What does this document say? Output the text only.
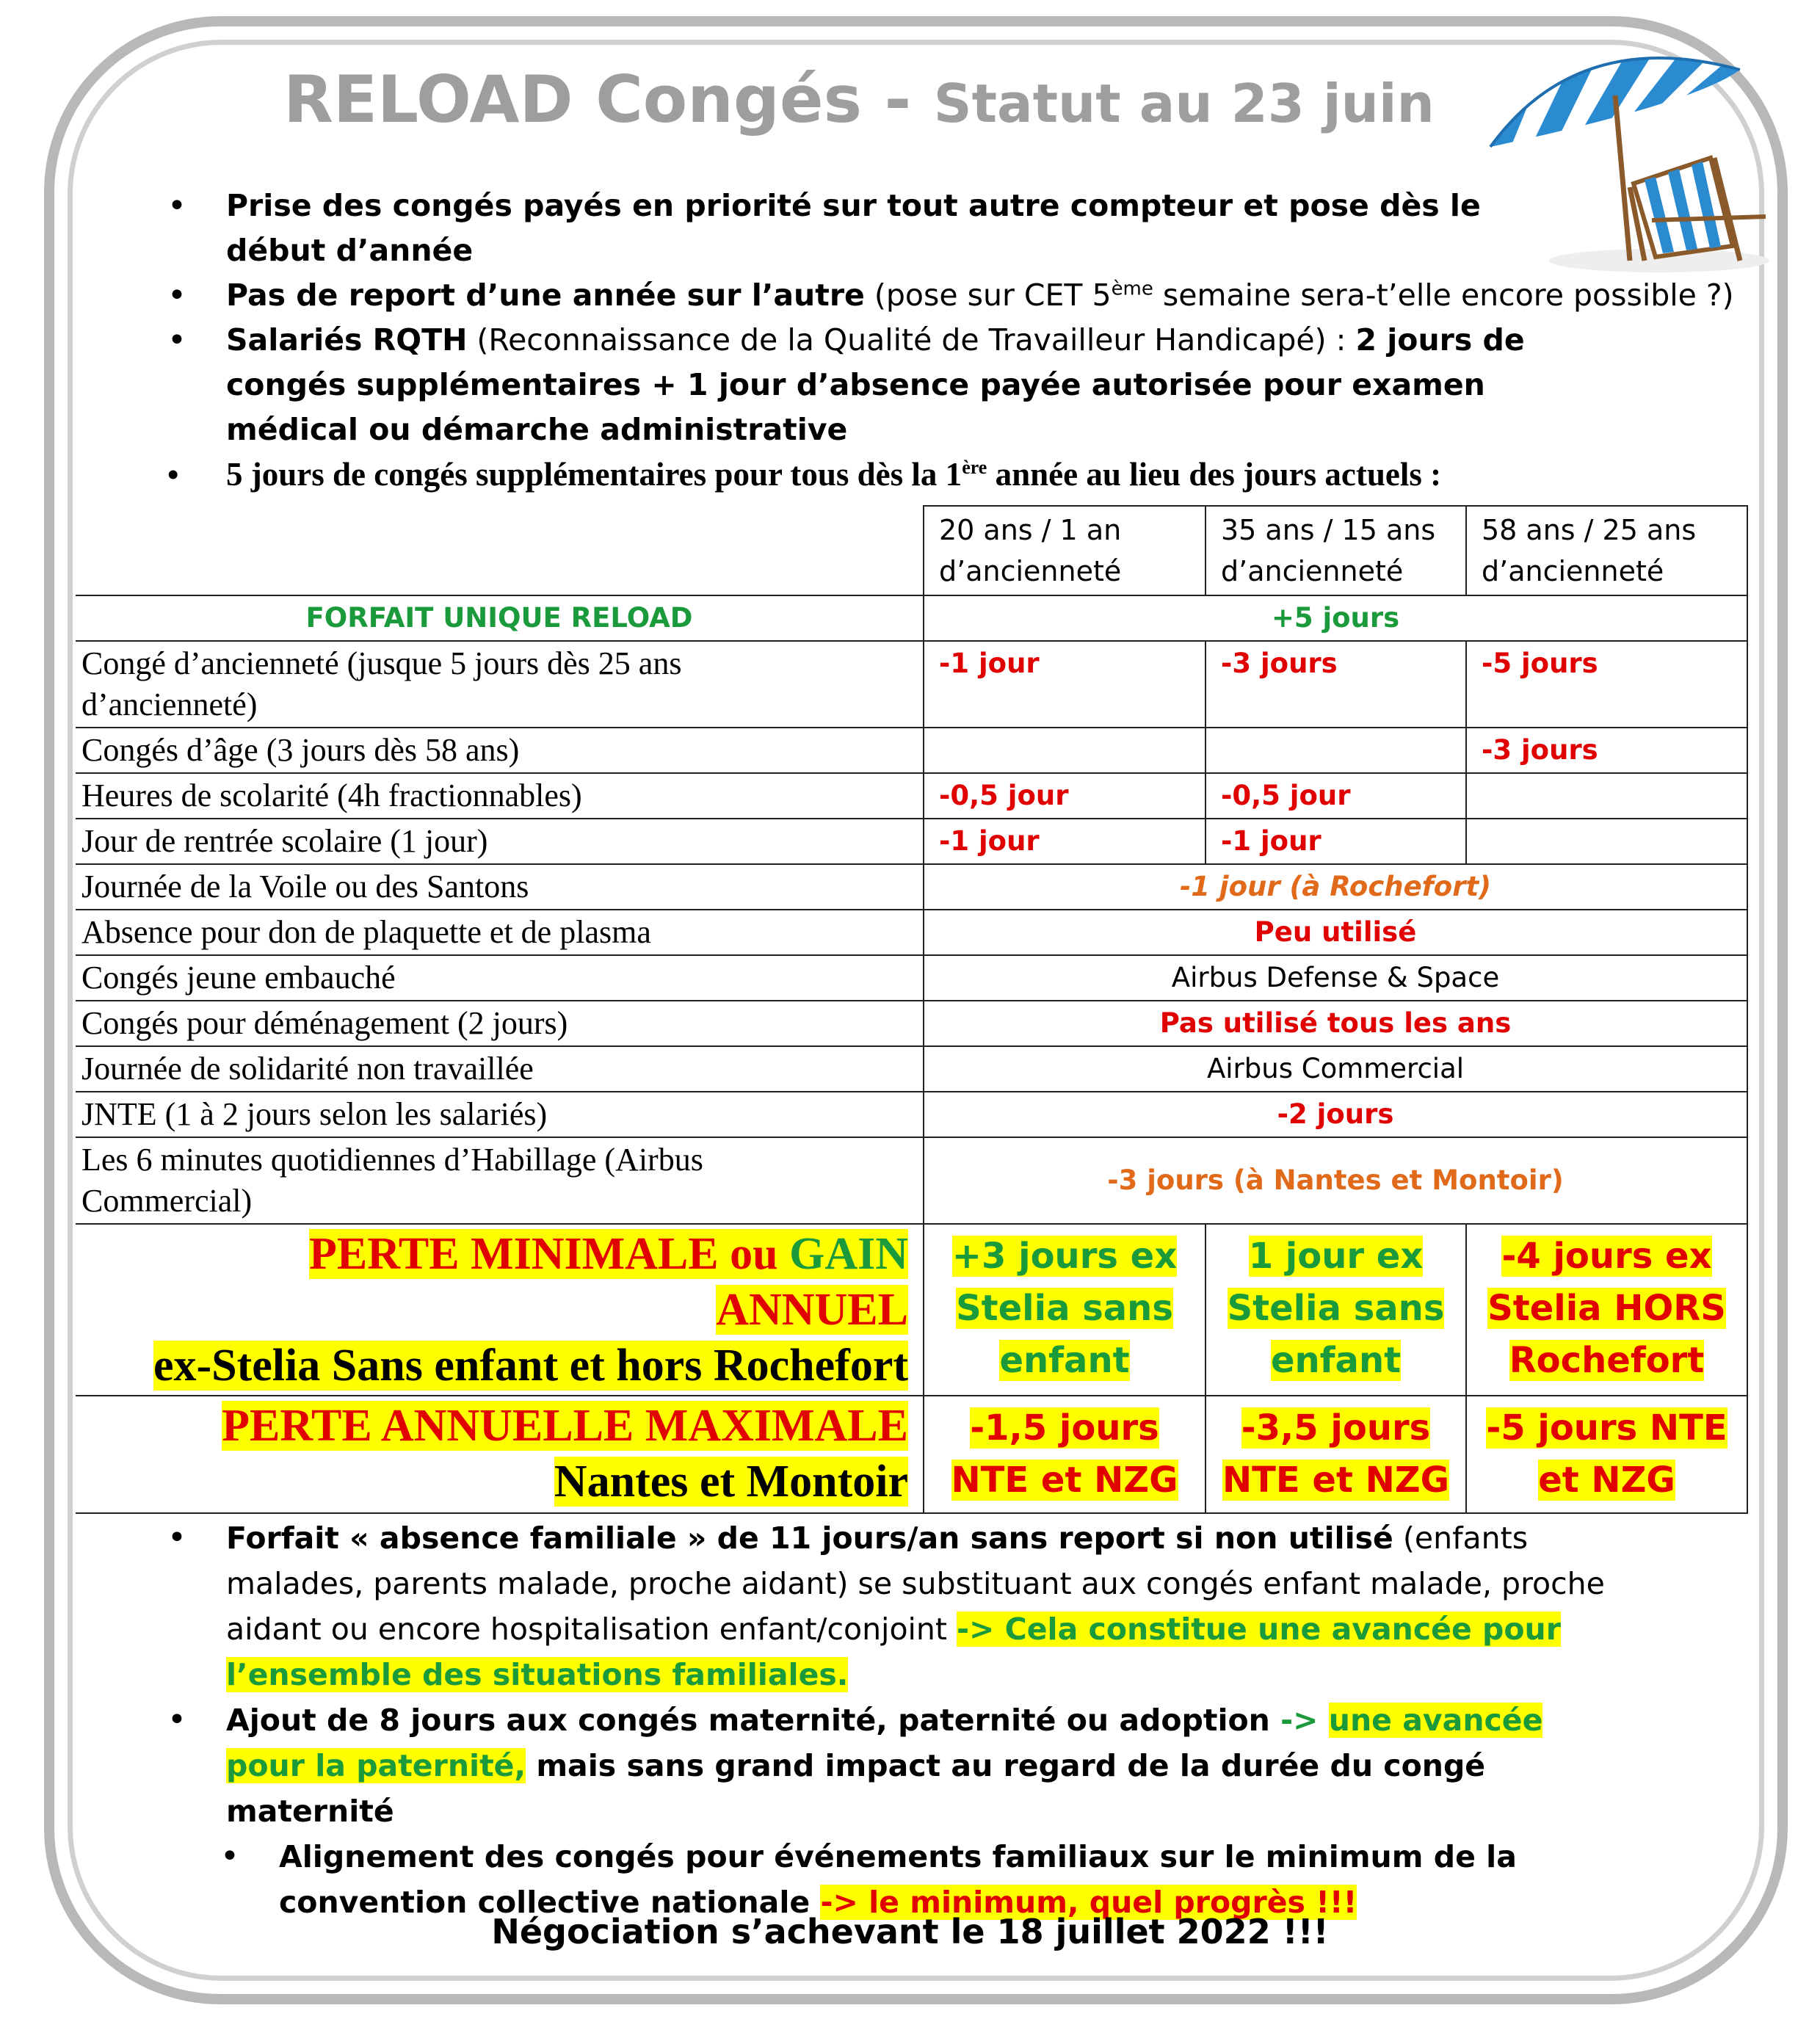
RELOAD Congés - Statut au 23 juin
• Prise des congés payés en priorité sur tout autre compteur et pose dès le début d’année
• Pas de report d’une année sur l’autre (pose sur CET 5ème semaine sera-t’elle encore possible ?)
• Salariés RQTH (Reconnaissance de la Qualité de Travailleur Handicapé) : 2 jours de congés supplémentaires + 1 jour d’absence payée autorisée pour examen médical ou démarche administrative
• 5 jours de congés supplémentaires pour tous dès la 1ère année au lieu des jours actuels :
	20 ans / 1 an d’ancienneté	35 ans / 15 ans d’ancienneté	58 ans / 25 ans d’ancienneté
FORFAIT UNIQUE RELOAD	+5 jours		

Congé d’ancienneté (jusque 5 jours dès 25 ans d’ancienneté)	-1 jour	-3 jours	-5 jours
Congés d’âge (3 jours dès 58 ans)			-3 jours
Heures de scolarité (4h fractionnables)	-0,5 jour	-0,5 jour	
Jour de rentrée scolaire (1 jour)	-1 jour	-1 jour	
Journée de la Voile ou des Santons	-1 jour (à Rochefort)		
Absence pour don de plaquette et de plasma	Peu utilisé		
Congés jeune embauché	Airbus Defense & Space		
Congés pour déménagement (2 jours)	Pas utilisé tous les ans		
Journée de solidarité non travaillée	Airbus Commercial		
JNTE (1 à 2 jours selon les salariés)	-2 jours		

Les 6 minutes quotidiennes d’Habillage (Airbus Commercial)	-3 jours (à Nantes et Montoir)		
PERTE MINIMALE ou GAIN
ANNUEL
ex-Stelia Sans enfant et hors Rochefort	+3 jours ex Stelia sans enfant	1 jour ex Stelia sans enfant	-4 jours ex Stelia HORS Rochefort
PERTE ANNUELLE MAXIMALE
Nantes et Montoir	-1,5 jours NTE et NZG	-3,5 jours NTE et NZG	-5 jours NTE et NZG
• Forfait « absence familiale » de 11 jours/an sans report si non utilisé (enfants malades, parents malade, proche aidant) se substituant aux congés enfant malade, proche aidant ou encore hospitalisation enfant/conjoint -> Cela constitue une avancée pour l’ensemble des situations familiales.
• Ajout de 8 jours aux congés maternité, paternité ou adoption -> une avancée pour la paternité, mais sans grand impact au regard de la durée du congé maternité
• Alignement des congés pour événements familiaux sur le minimum de la convention collective nationale -> le minimum, quel progrès !!!
Négociation s’achevant le 18 juillet 2022 !!!
